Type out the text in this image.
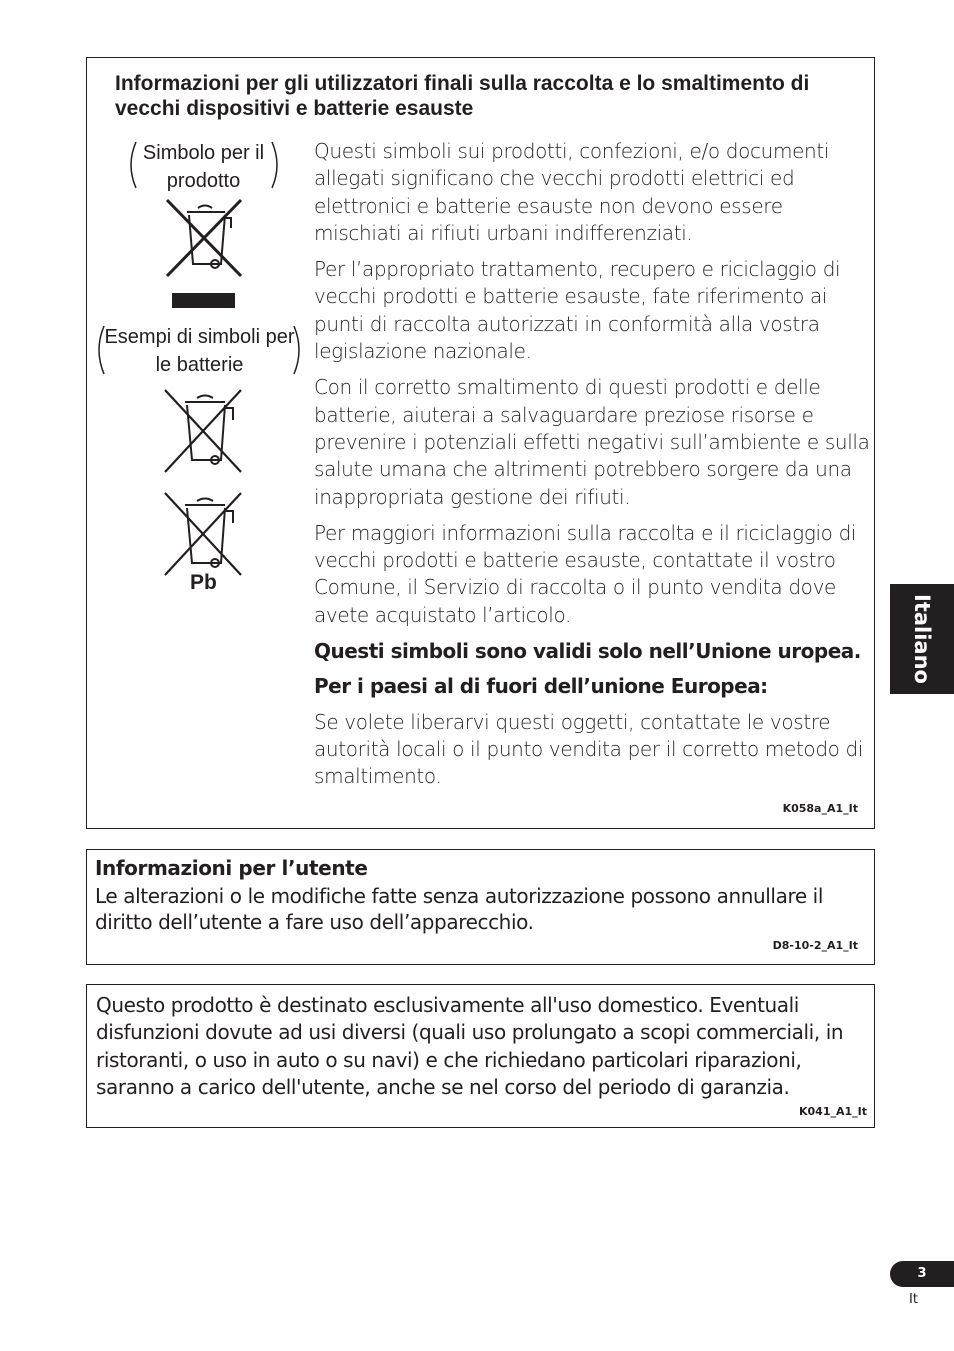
Informazioni per gli utilizzatori finali sulla raccolta e lo smaltimento di vecchi dispositivi e batterie esauste
Simbolo per il prodotto
Esempi di simboli per le batterie
Pb

Questi simboli sui prodotti, confezioni, e/o documenti allegati significano che vecchi prodotti elettrici ed elettronici e batterie esauste non devono essere mischiati ai rifiuti urbani indifferenziati.

Per l’appropriato trattamento, recupero e riciclaggio di vecchi prodotti e batterie esauste, fate riferimento ai punti di raccolta autorizzati in conformità alla vostra legislazione nazionale.

Con il corretto smaltimento di questi prodotti e delle batterie, aiuterai a salvaguardare preziose risorse e prevenire i potenziali effetti negativi sull’ambiente e sulla salute umana che altrimenti potrebbero sorgere da una inappropriata gestione dei rifiuti.

Per maggiori informazioni sulla raccolta e il riciclaggio di vecchi prodotti e batterie esauste, contattate il vostro Comune, il Servizio di raccolta o il punto vendita dove avete acquistato l’articolo.

Questi simboli sono validi solo nell’Unione uropea.

Per i paesi al di fuori dell’unione Europea:

Se volete liberarvi questi oggetti, contattate le vostre autorità locali o il punto vendita per il corretto metodo di smaltimento.

K058a_A1_It
Informazioni per l’utente

Le alterazioni o le modifiche fatte senza autorizzazione possono annullare il diritto dell’utente a fare uso dell’apparecchio.

D8-10-2_A1_It

Questo prodotto è destinato esclusivamente all'uso domestico. Eventuali disfunzioni dovute ad usi diversi (quali uso prolungato a scopi commerciali, in ristoranti, o uso in auto o su navi) e che richiedano particolari riparazioni, saranno a carico dell'utente, anche se nel corso del periodo di garanzia.

K041_A1_It
Italiano
3
It
